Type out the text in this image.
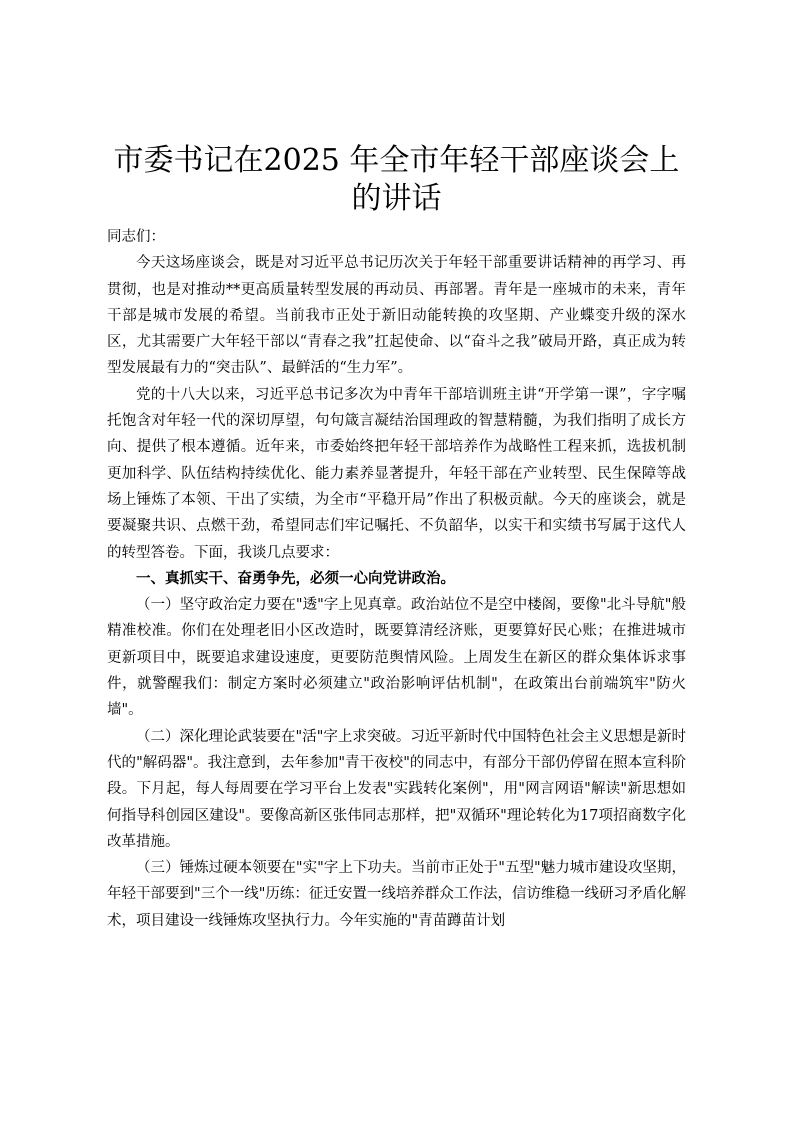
市委书记在2025 年全市年轻干部座谈会上的讲话

同志们：

今天这场座谈会，既是对习近平总书记历次关于年轻干部重要讲话精神的再学习、再贯彻，也是对推动**更高质量转型发展的再动员、再部署。青年是一座城市的未来，青年干部是城市发展的希望。当前我市正处于新旧动能转换的攻坚期、产业蝶变升级的深水区，尤其需要广大年轻干部以“青春之我”扛起使命、以“奋斗之我”破局开路，真正成为转型发展最有力的“突击队”、最鲜活的“生力军”。

党的十八大以来，习近平总书记多次为中青年干部培训班主讲“开学第一课”，字字嘱托饱含对年轻一代的深切厚望，句句箴言凝结治国理政的智慧精髓，为我们指明了成长方向、提供了根本遵循。近年来，市委始终把年轻干部培养作为战略性工程来抓，选拔机制更加科学、队伍结构持续优化、能力素养显著提升，年轻干部在产业转型、民生保障等战场上锤炼了本领、干出了实绩，为全市“平稳开局”作出了积极贡献。今天的座谈会，就是要凝聚共识、点燃干劲，希望同志们牢记嘱托、不负韶华，以实干和实绩书写属于这代人的转型答卷。下面，我谈几点要求：

一、真抓实干、奋勇争先，必须一心向党讲政治。

（一）坚守政治定力要在"透"字上见真章。政治站位不是空中楼阁，要像"北斗导航"般精准校准。你们在处理老旧小区改造时，既要算清经济账，更要算好民心账；在推进城市更新项目中，既要追求建设速度，更要防范舆情风险。上周发生在新区的群众集体诉求事件，就警醒我们：制定方案时必须建立"政治影响评估机制"，在政策出台前端筑牢"防火墙"。

（二）深化理论武装要在"活"字上求突破。习近平新时代中国特色社会主义思想是新时代的"解码器"。我注意到，去年参加"青干夜校"的同志中，有部分干部仍停留在照本宣科阶段。下月起，每人每周要在学习平台上发表"实践转化案例"，用"网言网语"解读"新思想如何指导科创园区建设"。要像高新区张伟同志那样，把"双循环"理论转化为17项招商数字化改革措施。

（三）锤炼过硬本领要在"实"字上下功夫。当前市正处于"五型"魅力城市建设攻坚期，年轻干部要到"三个一线"历练：征迁安置一线培养群众工作法，信访维稳一线研习矛盾化解术，项目建设一线锤炼攻坚执行力。今年实施的"青苗蹲苗计划
